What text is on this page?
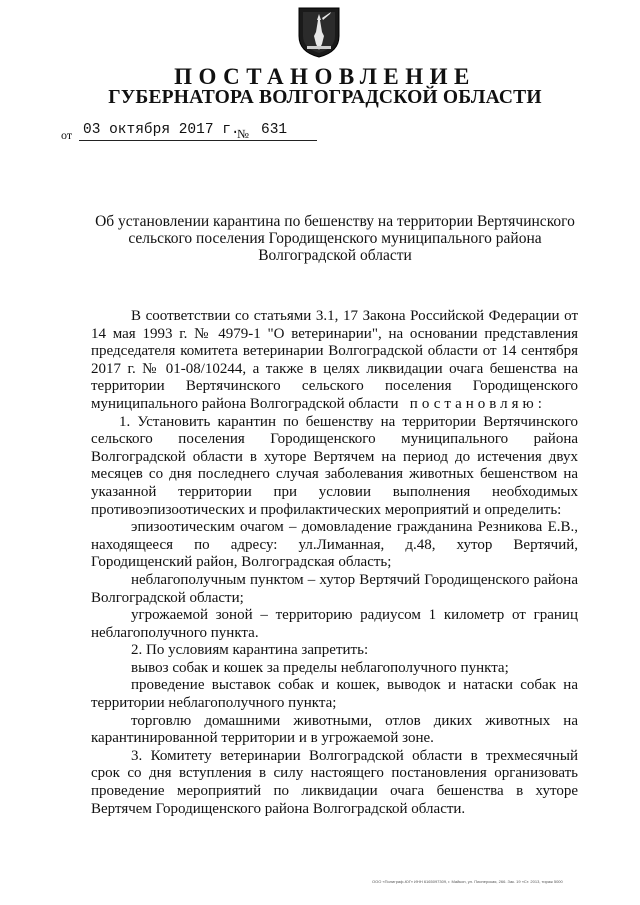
ПОСТАНОВЛЕНИЕ
ГУБЕРНАТОРА ВОЛГОГРАДСКОЙ ОБЛАСТИ
от 03 октября 2017 г.
№ 631

Об установлении карантина по бешенству на территории Вертячинского сельского поселения Городищенского муниципального района Волгоградской области

В соответствии со статьями 3.1, 17 Закона Российской Федерации от 14 мая 1993 г. № 4979-1 "О ветеринарии", на основании представления председателя комитета ветеринарии Волгоградской области от 14 сентября 2017 г. № 01-08/10244, а также в целях ликвидации очага бешенства на территории Вертячинского сельского поселения Городищенского муниципального района Волгоградской области постановляю:

1. Установить карантин по бешенству на территории Вертячинского сельского поселения Городищенского муниципального района Волгоградской области в хуторе Вертячем на период до истечения двух месяцев со дня последнего случая заболевания животных бешенством на указанной территории при условии выполнения необходимых противоэпизоотических и профилактических мероприятий и определить:

эпизоотическим очагом – домовладение гражданина Резникова Е.В., находящееся по адресу: ул.Лиманная, д.48, хутор Вертячий, Городищенский район, Волгоградская область;

неблагополучным пунктом – хутор Вертячий Городищенского района Волгоградской области;

угрожаемой зоной – территорию радиусом 1 километр от границ неблагополучного пункта.

2. По условиям карантина запретить:

вывоз собак и кошек за пределы неблагополучного пункта;

проведение выставок собак и кошек, выводок и натаски собак на территории неблагополучного пункта;

торговлю домашними животными, отлов диких животных на карантинированной территории и в угрожаемой зоне.

3. Комитету ветеринарии Волгоградской области в трехмесячный срок со дня вступления в силу настоящего постановления организовать проведение мероприятий по ликвидации очага бешенства в хуторе Вертячем Городищенского района Волгоградской области.

ООО «Полиграф-ЮГ» ИНН 6165097309, г. Майкоп, ул. Пионерская, 266. Зак. 19 «Ст. 2013, тираж 5000
